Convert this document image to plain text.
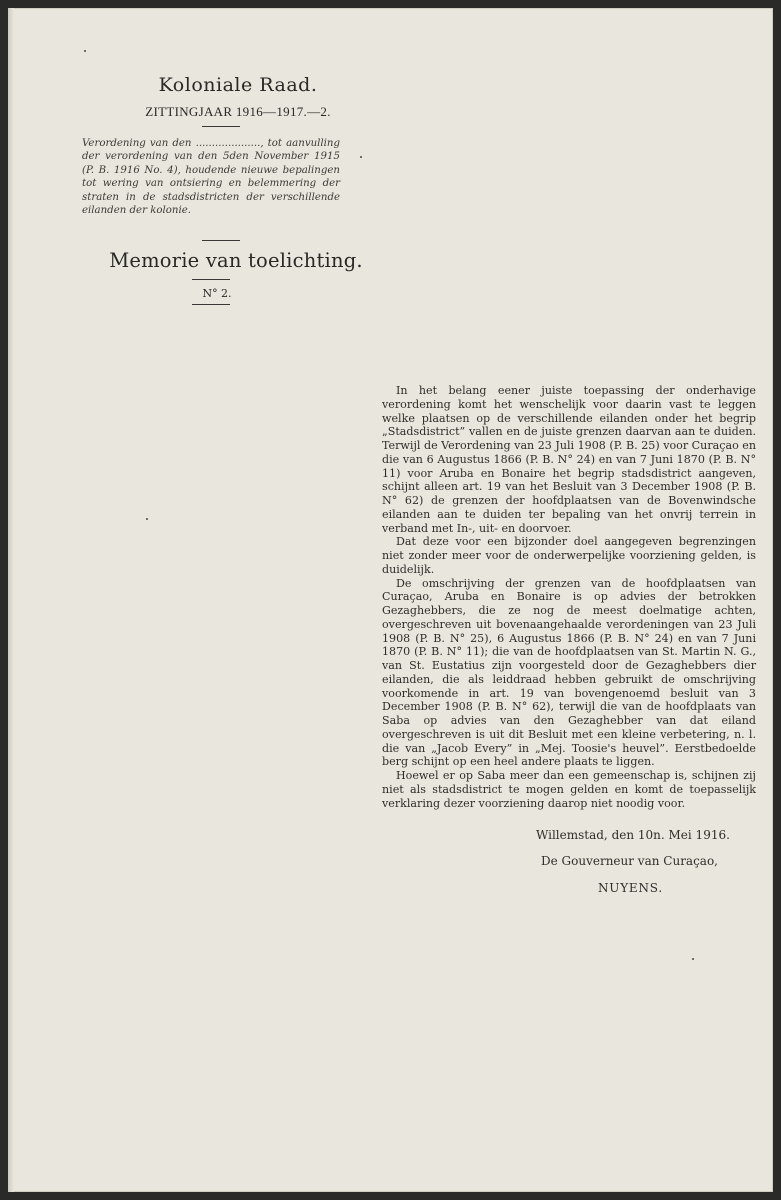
Koloniale Raad.
ZITTINGJAAR 1916—1917.—2.
Verordening van den ...................., tot aanvulling der verordening van den 5den November 1915 (P. B. 1916 No. 4), houdende nieuwe bepalingen tot wering van ontsiering en belemmering der straten in de stadsdistricten der verschillende eilanden der kolonie.
Memorie van toelichting.
N° 2.

In het belang eener juiste toepassing der onderhavige verordening komt het wenschelijk voor daarin vast te leggen welke plaatsen op de verschillende eilanden onder het begrip „Stadsdistrict” vallen en de juiste grenzen daarvan aan te duiden. Terwijl de Verordening van 23 Juli 1908 (P. B. 25) voor Curaçao en die van 6 Augustus 1866 (P. B. N° 24) en van 7 Juni 1870 (P. B. N° 11) voor Aruba en Bonaire het begrip stadsdistrict aangeven, schijnt alleen art. 19 van het Besluit van 3 December 1908 (P. B. N° 62) de grenzen der hoofdplaatsen van de Bovenwindsche eilanden aan te duiden ter bepaling van het onvrij terrein in verband met In-, uit- en doorvoer.

Dat deze voor een bijzonder doel aangegeven begrenzingen niet zonder meer voor de onderwerpelijke voorziening gelden, is duidelijk.

De omschrijving der grenzen van de hoofdplaatsen van Curaçao, Aruba en Bonaire is op advies der betrokken Gezaghebbers, die ze nog de meest doelmatige achten, overgeschreven uit bovenaangehaalde verordeningen van 23 Juli 1908 (P. B. N° 25), 6 Augustus 1866 (P. B. N° 24) en van 7 Juni 1870 (P. B. N° 11); die van de hoofdplaatsen van St. Martin N. G., van St. Eustatius zijn voorgesteld door de Gezaghebbers dier eilanden, die als leiddraad hebben gebruikt de omschrijving voorkomende in art. 19 van bovengenoemd besluit van 3 December 1908 (P. B. N° 62), terwijl die van de hoofdplaats van Saba op advies van den Gezaghebber van dat eiland overgeschreven is uit dit Besluit met een kleine verbetering, n. l. die van „Jacob Every” in „Mej. Toosie's heuvel”. Eerstbedoelde berg schijnt op een heel andere plaats te liggen.

Hoewel er op Saba meer dan een gemeenschap is, schijnen zij niet als stadsdistrict te mogen gelden en komt de toepasselijk verklaring dezer voorziening daarop niet noodig voor.

Willemstad, den 10n. Mei 1916.
De Gouverneur van Curaçao,
NUYENS.
